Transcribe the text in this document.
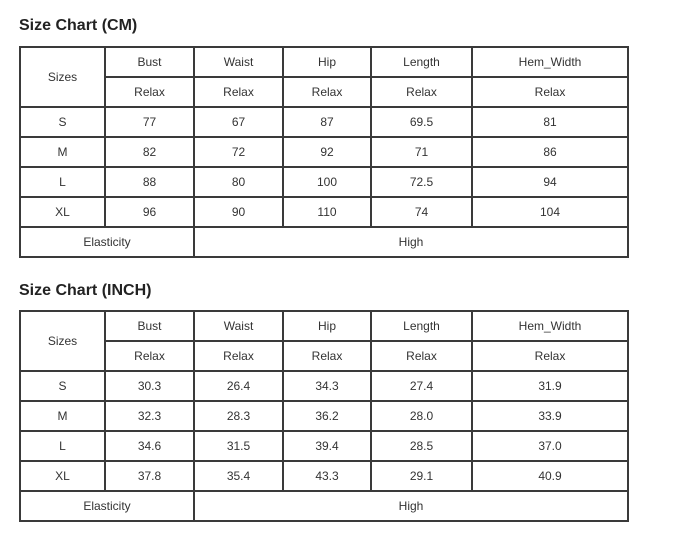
Size Chart (CM)
Sizes	Bust	Waist	Hip	Length	Hem_Width
	Relax	Relax	Relax	Relax	Relax
S	77	67	87	69.5	81
M	82	72	92	71	86
L	88	80	100	72.5	94
XL	96	90	110	74	104
Elasticity		High			
Size Chart (INCH)
Sizes	Bust	Waist	Hip	Length	Hem_Width
	Relax	Relax	Relax	Relax	Relax
S	30.3	26.4	34.3	27.4	31.9
M	32.3	28.3	36.2	28.0	33.9
L	34.6	31.5	39.4	28.5	37.0
XL	37.8	35.4	43.3	29.1	40.9
Elasticity		High			
